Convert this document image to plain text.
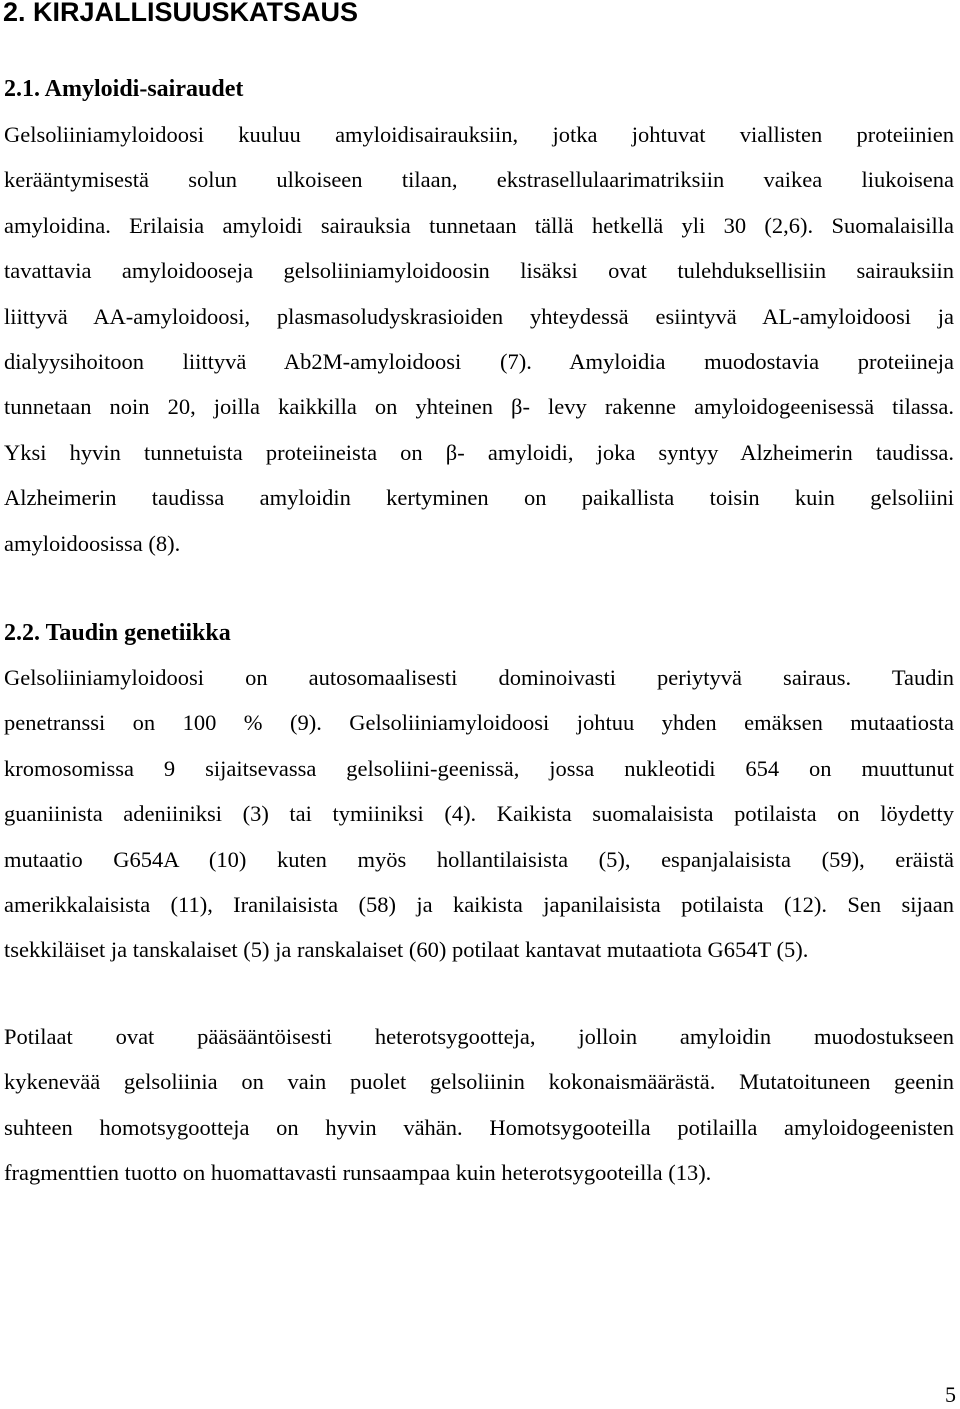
2. KIRJALLISUUSKATSAUS
2.1. Amyloidi-sairaudet

Gelsoliiniamyloidoosi kuuluu amyloidisairauksiin, jotka johtuvat viallisten proteiinien
kerääntymisestä solun ulkoiseen tilaan, ekstrasellulaarimatriksiin vaikea liukoisena
amyloidina. Erilaisia amyloidi sairauksia tunnetaan tällä hetkellä yli 30 (2,6). Suomalaisilla
tavattavia amyloidooseja gelsoliiniamyloidoosin lisäksi ovat tulehduksellisiin sairauksiin
liittyvä AA-amyloidoosi, plasmasoludyskrasioiden yhteydessä esiintyvä AL-amyloidoosi ja
dialyysihoitoon liittyvä Ab2M-amyloidoosi (7). Amyloidia muodostavia proteiineja
tunnetaan noin 20, joilla kaikkilla on yhteinen β- levy rakenne amyloidogeenisessä tilassa.
Yksi hyvin tunnetuista proteiineista on β- amyloidi, joka syntyy Alzheimerin taudissa.
Alzheimerin taudissa amyloidin kertyminen on paikallista toisin kuin gelsoliini
amyloidoosissa (8).

2.2. Taudin genetiikka

Gelsoliiniamyloidoosi on autosomaalisesti dominoivasti periytyvä sairaus. Taudin
penetranssi on 100 % (9). Gelsoliiniamyloidoosi johtuu yhden emäksen mutaatiosta
kromosomissa 9 sijaitsevassa gelsoliini-geenissä, jossa nukleotidi 654 on muuttunut
guaniinista adeniiniksi (3) tai tymiiniksi (4). Kaikista suomalaisista potilaista on löydetty
mutaatio G654A (10) kuten myös hollantilaisista (5), espanjalaisista (59), eräistä
amerikkalaisista (11), Iranilaisista (58) ja kaikista japanilaisista potilaista (12). Sen sijaan
tsekkiläiset ja tanskalaiset (5) ja ranskalaiset (60) potilaat kantavat mutaatiota G654T (5).

Potilaat ovat pääsääntöisesti heterotsygootteja, jolloin amyloidin muodostukseen
kykenevää gelsoliinia on vain puolet gelsoliinin kokonaismäärästä. Mutatoituneen geenin
suhteen homotsygootteja on hyvin vähän. Homotsygooteilla potilailla amyloidogeenisten
fragmenttien tuotto on huomattavasti runsaampaa kuin heterotsygooteilla (13).

5
